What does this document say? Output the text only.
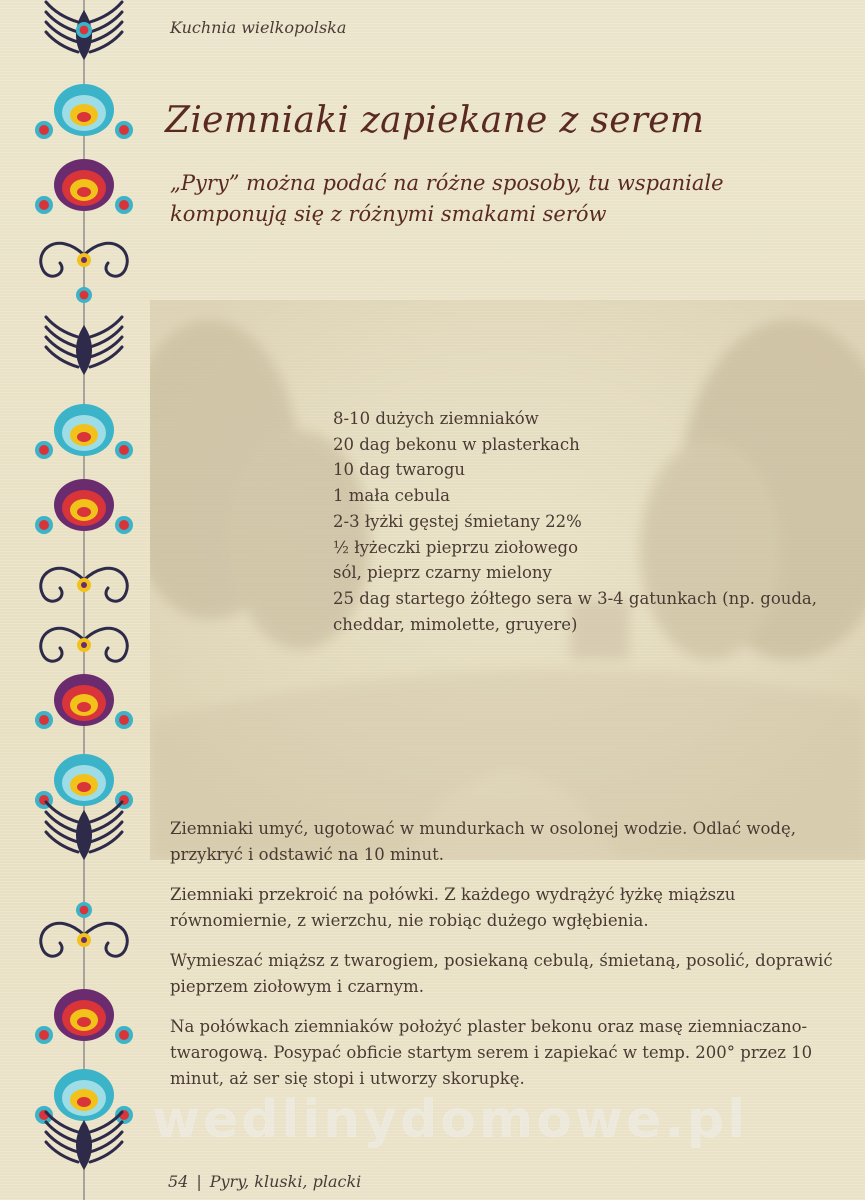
Kuchnia wielkopolska
Ziemniaki zapiekane z serem
„Pyry” można podać na różne sposoby, tu wspaniale komponują się z różnymi smakami serów
8-10 dużych ziemniaków
20 dag bekonu w plasterkach
10 dag twarogu
1 mała cebula
2-3 łyżki gęstej śmietany 22%
½ łyżeczki pieprzu ziołowego
sól, pieprz czarny mielony
25 dag startego żółtego sera w 3-4 gatunkach (np. gouda, cheddar, mimolette, gruyere)

Ziemniaki umyć, ugotować w mundurkach w osolonej wodzie. Odlać wodę, przykryć i odstawić na 10 minut.

Ziemniaki przekroić na połówki. Z każdego wydrążyć łyżkę miąższu równomiernie, z wierzchu, nie robiąc dużego wgłębienia.

Wymieszać miąższ z twarogiem, posiekaną cebulą, śmietaną, posolić, doprawić pieprzem ziołowym i czarnym.

Na połówkach ziemniaków położyć plaster bekonu oraz masę ziemniaczano-twarogową. Posypać obficie startym serem i zapiekać w temp. 200° przez 10 minut, aż ser się stopi i utworzy skorupkę.

wedlinydomowe.pl
54 | Pyry, kluski, placki
